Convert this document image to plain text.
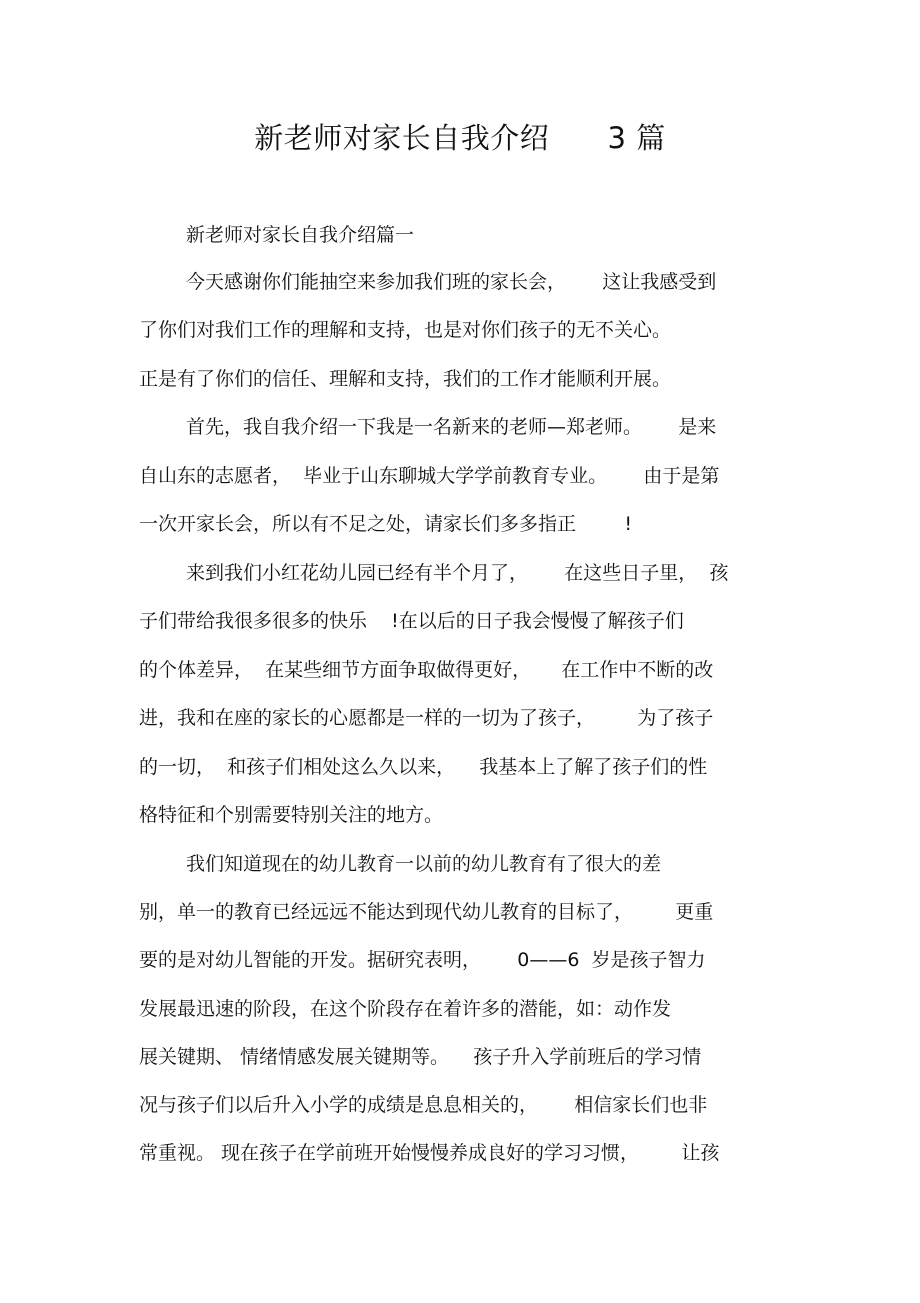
新老师对家长自我介绍      3 篇

新老师对家长自我介绍篇一

今天感谢你们能抽空来参加我们班的家长会，      这让我感受到

了你们对我们工作的理解和支持，也是对你们孩子的无不关心。

正是有了你们的信任、理解和支持，我们的工作才能顺利开展。

首先，我自我介绍一下我是一名新来的老师—郑老师。      是来

自山东的志愿者，  毕业于山东聊城大学学前教育专业。      由于是第

一次开家长会，所以有不足之处，请家长们多多指正        !

来到我们小红花幼儿园已经有半个月了，      在这些日子里，  孩

子们带给我很多很多的快乐    !在以后的日子我会慢慢了解孩子们

的个体差异，  在某些细节方面争取做得更好，     在工作中不断的改

进，我和在座的家长的心愿都是一样的一切为了孩子，       为了孩子

的一切，  和孩子们相处这么久以来，    我基本上了解了孩子们的性

格特征和个别需要特别关注的地方。

我们知道现在的幼儿教育一以前的幼儿教育有了很大的差

别，单一的教育已经远远不能达到现代幼儿教育的目标了，       更重

要的是对幼儿智能的开发。据研究表明，      0——6  岁是孩子智力

发展最迅速的阶段，在这个阶段存在着许多的潜能，如：动作发

展关键期、 情绪情感发展关键期等。    孩子升入学前班后的学习情

况与孩子们以后升入小学的成绩是息息相关的，      相信家长们也非

常重视。 现在孩子在学前班开始慢慢养成良好的学习习惯，       让孩
